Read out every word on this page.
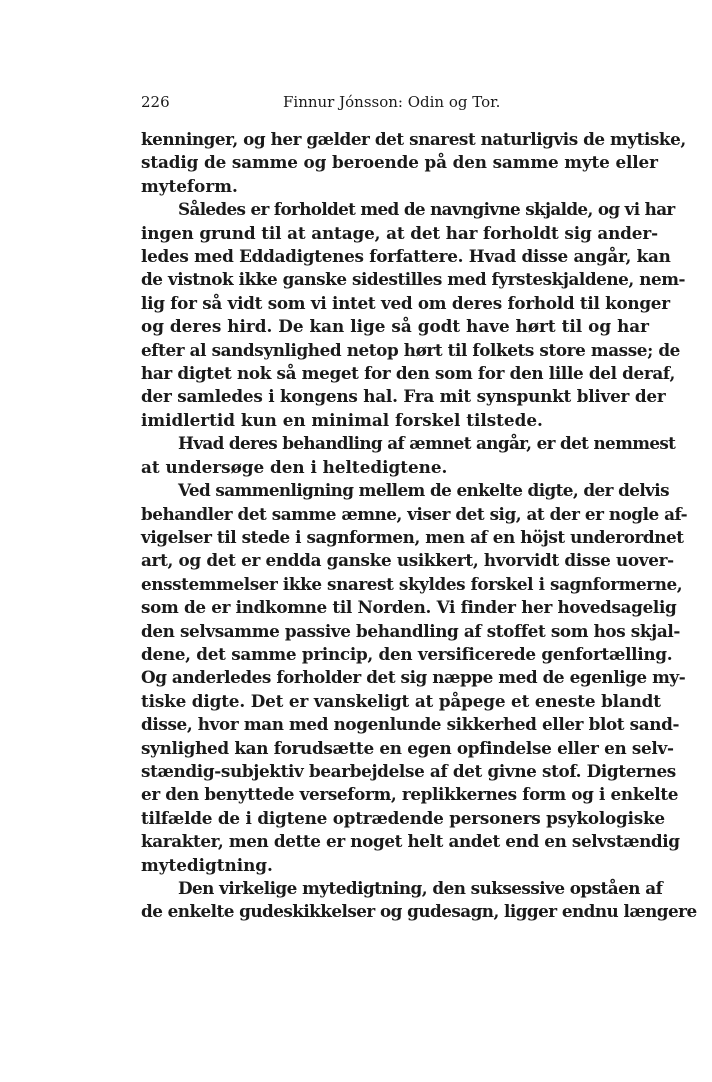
226	Finnur Jónsson: Odin og Tor.
kenninger, og her gælder det snarest naturligvis de mytiske,
stadig de samme og beroende på den samme myte eller
myteform.
Således er forholdet med de navngivne skjalde, og vi har
ingen grund til at antage, at det har forholdt sig ander-
ledes med Eddadigtenes forfattere. Hvad disse angår, kan
de vistnok ikke ganske sidestilles med fyrsteskjaldene, nem-
lig for så vidt som vi intet ved om deres forhold til konger
og deres hird. De kan lige så godt have hørt til og har
efter al sandsynlighed netop hørt til folkets store masse; de
har digtet nok så meget for den som for den lille del deraf,
der samledes i kongens hal. Fra mit synspunkt bliver der
imidlertid kun en minimal forskel tilstede.
Hvad deres behandling af æmnet angår, er det nemmest
at undersøge den i heltedigtene.
Ved sammenligning mellem de enkelte digte, der delvis
behandler det samme æmne, viser det sig, at der er nogle af-
vigelser til stede i sagnformen, men af en höjst underordnet
art, og det er endda ganske usikkert, hvorvidt disse uover-
ensstemmelser ikke snarest skyldes forskel i sagnformerne,
som de er indkomne til Norden. Vi finder her hovedsagelig
den selvsamme passive behandling af stoffet som hos skjal-
dene, det samme princip, den versificerede genfortælling.
Og anderledes forholder det sig næppe med de egenlige my-
tiske digte. Det er vanskeligt at påpege et eneste blandt
disse, hvor man med nogenlunde sikkerhed eller blot sand-
synlighed kan forudsætte en egen opfindelse eller en selv-
stændig-subjektiv bearbejdelse af det givne stof. Digternes
er den benyttede verseform, replikkernes form og i enkelte
tilfælde de i digtene optrædende personers psykologiske
karakter, men dette er noget helt andet end en selvstændig
mytedigtning.
Den virkelige mytedigtning, den suksessive opståen af
de enkelte gudeskikkelser og gudesagn, ligger endnu længere
